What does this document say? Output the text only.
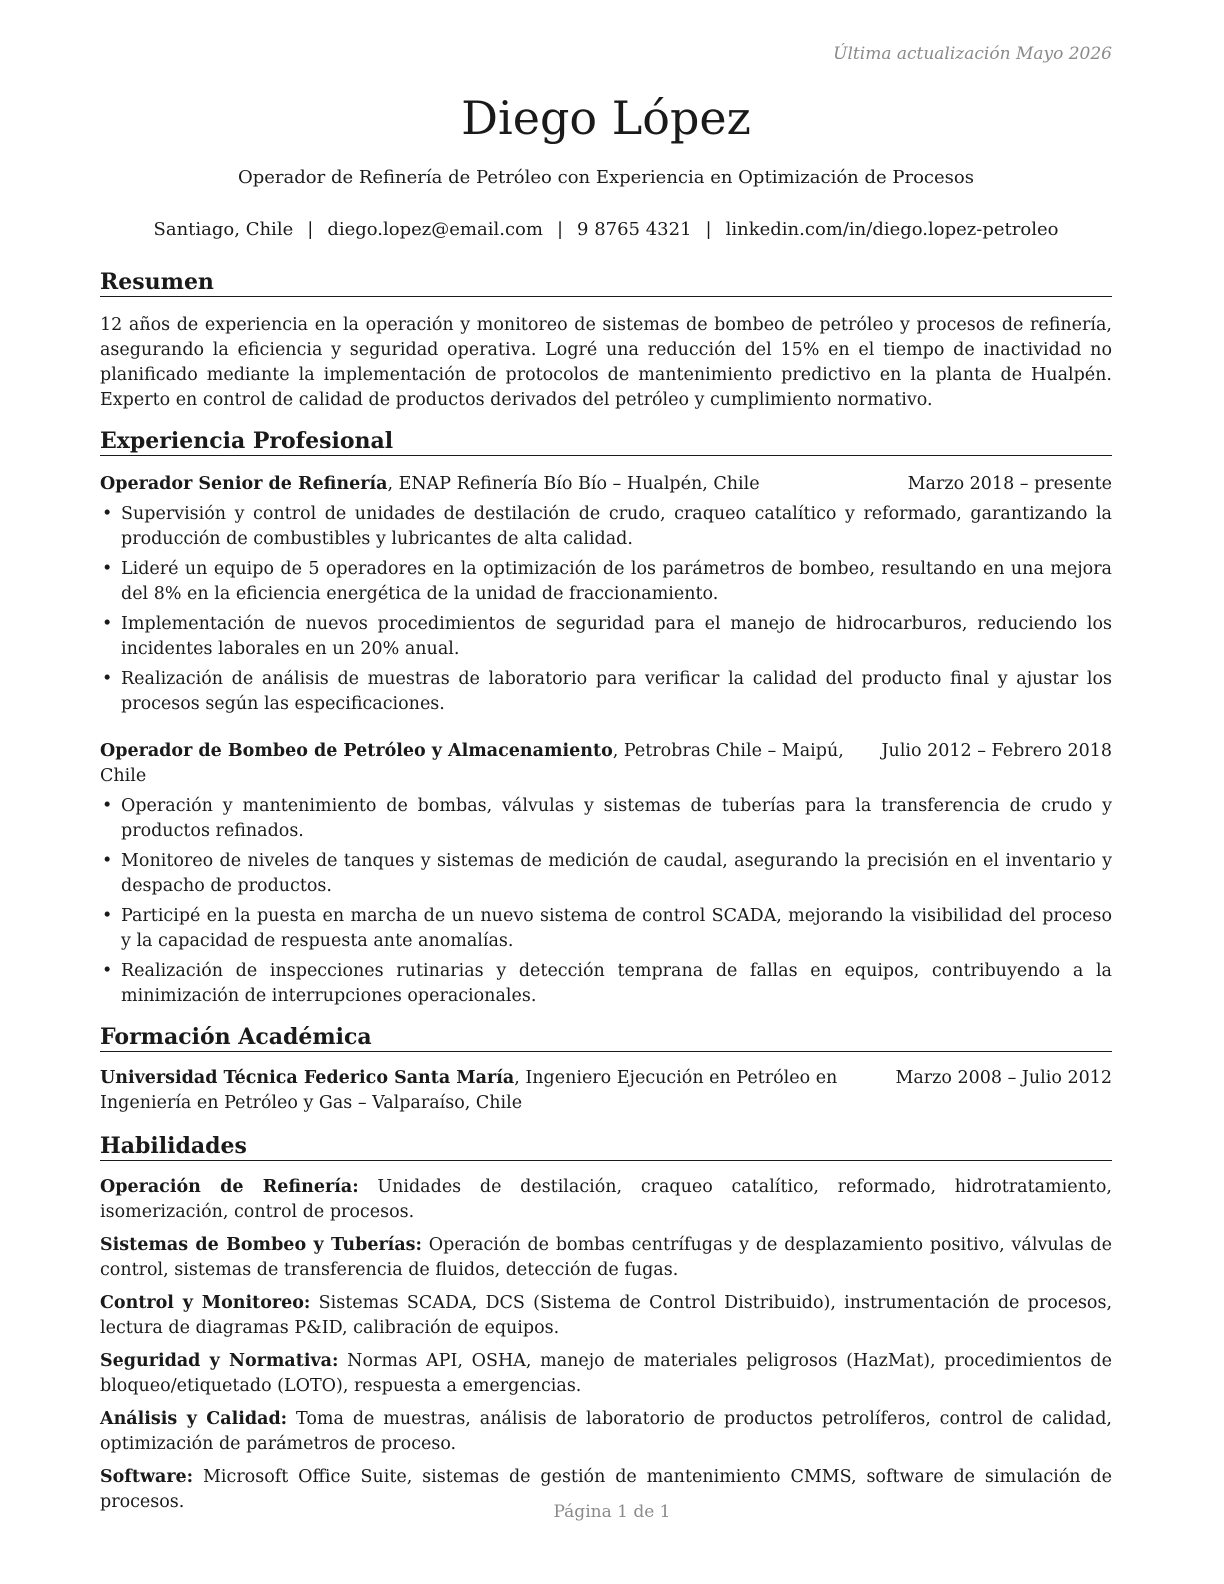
Última actualización Mayo 2026
Diego López
Operador de Refinería de Petróleo con Experiencia en Optimización de Procesos
Santiago, Chile | diego.lopez@email.com | 9 8765 4321 | linkedin.com/in/diego.lopez-petroleo
Resumen

12 años de experiencia en la operación y monitoreo de sistemas de bombeo de petróleo y procesos de refinería, asegurando la eficiencia y seguridad operativa. Logré una reducción del 15% en el tiempo de inactividad no planificado mediante la implementación de protocolos de mantenimiento predictivo en la planta de Hualpén. Experto en control de calidad de productos derivados del petróleo y cumplimiento normativo.

Experiencia Profesional
Operador Senior de Refinería, ENAP Refinería Bío Bío – Hualpén, Chile	Marzo 2018 – presente
• Supervisión y control de unidades de destilación de crudo, craqueo catalítico y reformado, garantizando la producción de combustibles y lubricantes de alta calidad.
• Lideré un equipo de 5 operadores en la optimización de los parámetros de bombeo, resultando en una mejora del 8% en la eficiencia energética de la unidad de fraccionamiento.
• Implementación de nuevos procedimientos de seguridad para el manejo de hidrocarburos, reduciendo los incidentes laborales en un 20% anual.
• Realización de análisis de muestras de laboratorio para verificar la calidad del producto final y ajustar los procesos según las especificaciones.
Operador de Bombeo de Petróleo y Almacenamiento, Petrobras Chile – Maipú, Chile
Julio 2012 – Febrero 2018
• Operación y mantenimiento de bombas, válvulas y sistemas de tuberías para la transferencia de crudo y productos refinados.
• Monitoreo de niveles de tanques y sistemas de medición de caudal, asegurando la precisión en el inventario y despacho de productos.
• Participé en la puesta en marcha de un nuevo sistema de control SCADA, mejorando la visibilidad del proceso y la capacidad de respuesta ante anomalías.
• Realización de inspecciones rutinarias y detección temprana de fallas en equipos, contribuyendo a la minimización de interrupciones operacionales.
Formación Académica
Marzo 2008 – Julio 2012
Universidad Técnica Federico Santa María, Ingeniero Ejecución en Petróleo en Ingeniería en Petróleo y Gas – Valparaíso, Chile
Habilidades

Operación de Refinería: Unidades de destilación, craqueo catalítico, reformado, hidrotratamiento, isomerización, control de procesos.

Sistemas de Bombeo y Tuberías: Operación de bombas centrífugas y de desplazamiento positivo, válvulas de control, sistemas de transferencia de fluidos, detección de fugas.

Control y Monitoreo: Sistemas SCADA, DCS (Sistema de Control Distribuido), instrumentación de procesos, lectura de diagramas P&ID, calibración de equipos.

Seguridad y Normativa: Normas API, OSHA, manejo de materiales peligrosos (HazMat), procedimientos de bloqueo/etiquetado (LOTO), respuesta a emergencias.

Análisis y Calidad: Toma de muestras, análisis de laboratorio de productos petrolíferos, control de calidad, optimización de parámetros de proceso.

Software: Microsoft Office Suite, sistemas de gestión de mantenimiento CMMS, software de simulación de procesos.	Página 1 de 1
